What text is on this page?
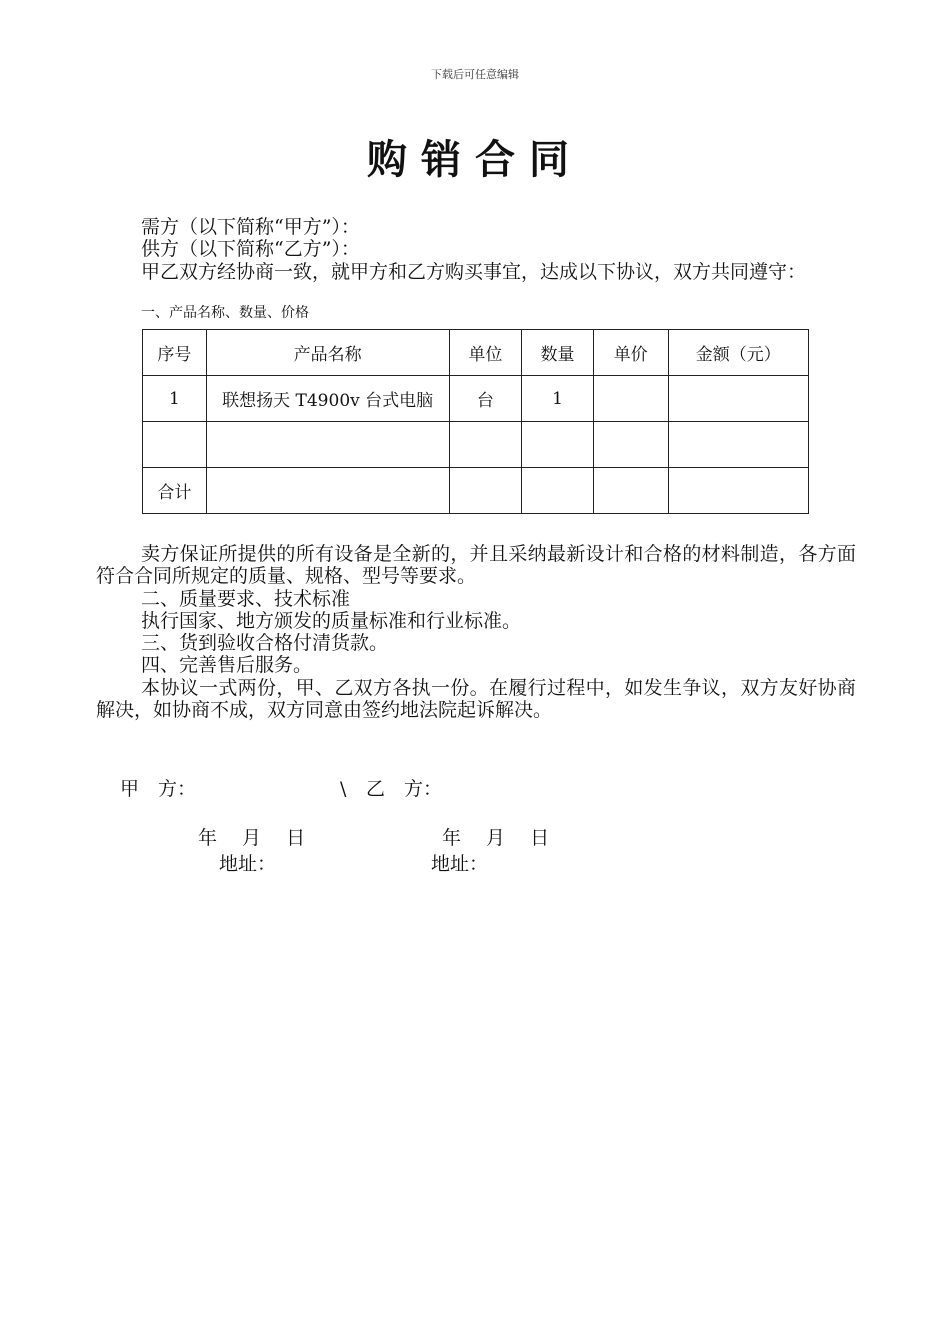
下载后可任意编辑
购销合同
需方（以下简称“甲方”）：
供方（以下简称“乙方”）：
甲乙双方经协商一致，就甲方和乙方购买事宜，达成以下协议，双方共同遵守：
一、产品名称、数量、价格
序号	产品名称	单位	数量	单价	金额（元）
1	联想扬天 T4900v 台式电脑	台	1		

合计					
卖方保证所提供的所有设备是全新的，并且采纳最新设计和合格的材料制造，各方面符合合同所规定的质量、规格、型号等要求。
二、质量要求、技术标准
执行国家、地方颁发的质量标准和行业标准。
三、货到验收合格付清货款。
四、完善售后服务。
本协议一式两份，甲、乙双方各执一份。在履行过程中，如发生争议，双方友好协商解决，如协商不成，双方同意由签约地法院起诉解决。
甲　方：	\ 乙　方：
年　 月　 日	年　 月　 日
地址：	地址：
